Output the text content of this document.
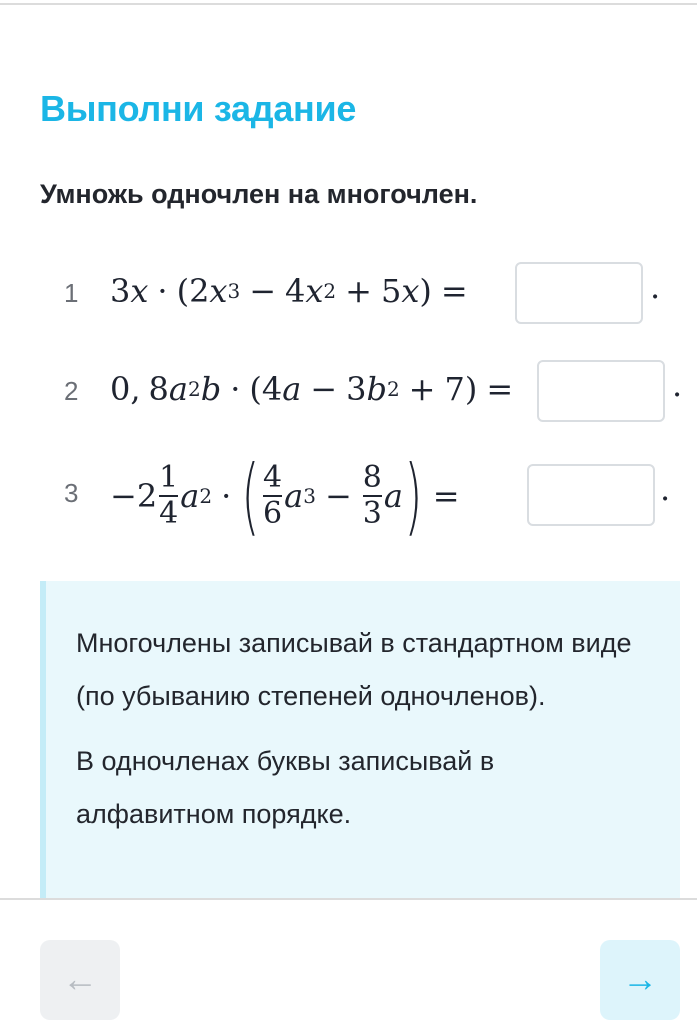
Выполни задание
Умножь одночлен на многочлен.
1 3 x · (2 x 3 − 4 x 2 + 5 x ) =	.
2 0, 8 a 2 b · (4 a − 3 b 2 + 7) =	.
$3 -2 \frac{1}{4}$ a 2 · ( $\frac{4}{6}$ a $3 - \frac{8}{3}$ a ) =	.

Многочлены записывай в стандартном виде (по убыванию степеней одночленов).

В одночленах буквы записывай в алфавитном порядке.

←	→
